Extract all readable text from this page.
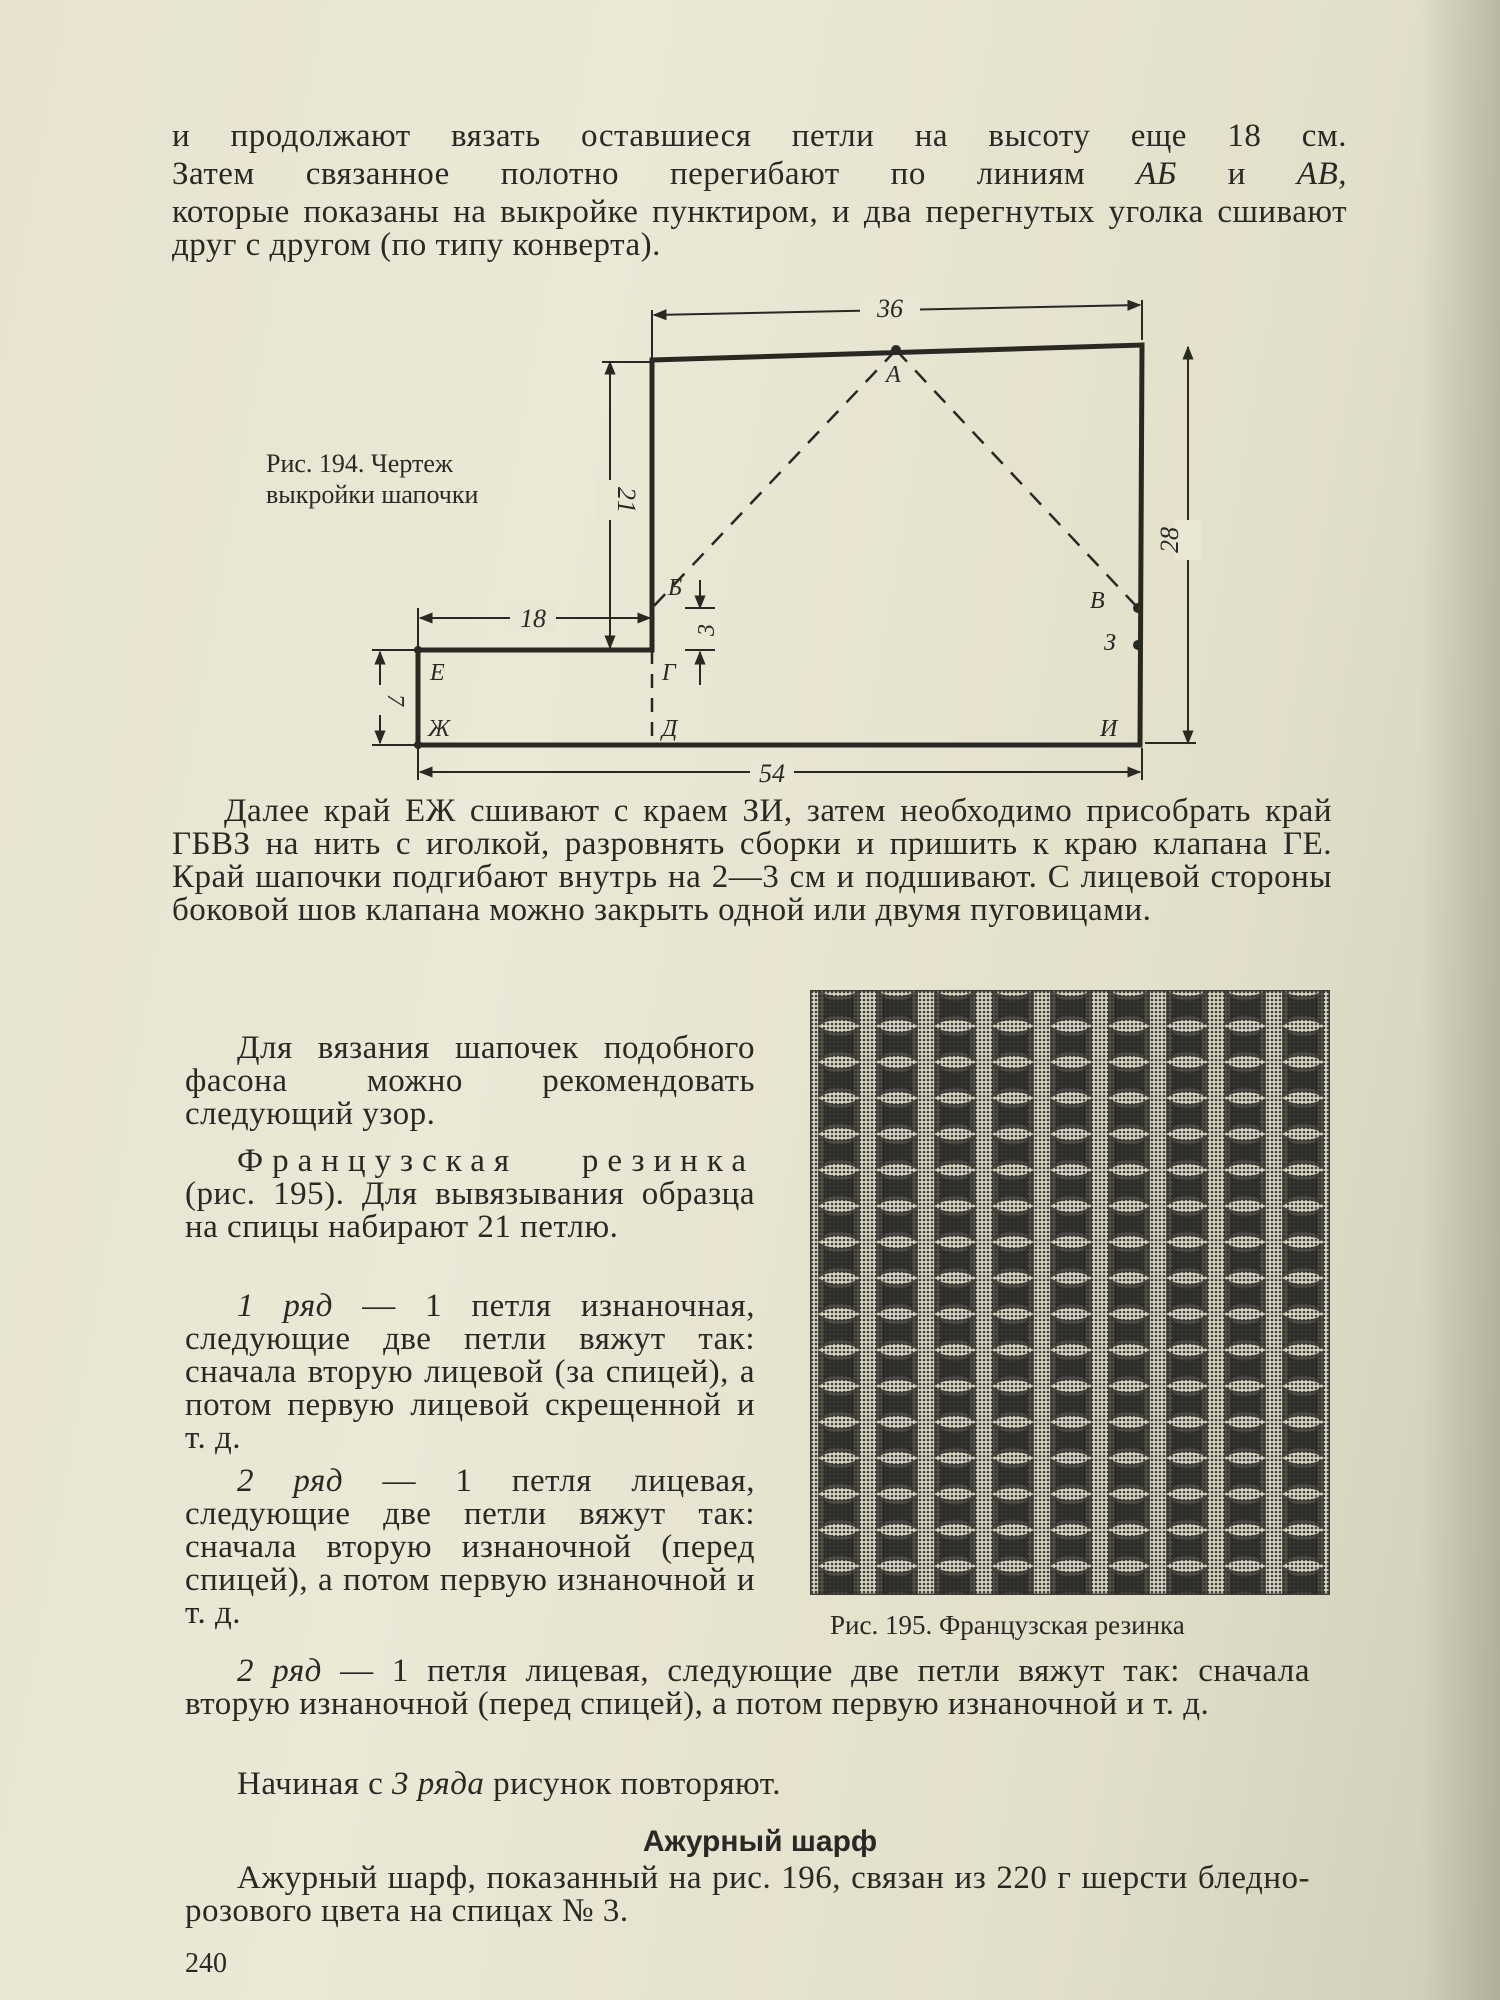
и продолжают вязать оставшиеся петли на высоту еще 18 см.

Затем связанное полотно перегибают по линиям АБ и АВ,

которые показаны на выкройке пунктиром, и два перегнутых уголка сшивают друг с другом (по типу конверта).

Рис. 194. Чертеж
выкройки шапочки
36
21
28
18	3
7
54
А
Б	В
З
Е	Г
Ж	Д	И

Далее край ЕЖ сшивают с краем ЗИ, затем необходимо присобрать край ГБВЗ на нить с иголкой, разровнять сборки и пришить к краю клапана ГЕ. Край шапочки подгибают внутрь на 2—3 см и подшивают. С лицевой стороны боковой шов клапана можно закрыть одной или двумя пуговицами.

Для вязания шапочек подобного фасона можно рекомендовать следующий узор.

Французская резинка (рис. 195). Для вывязывания образца на спицы набирают 21 петлю.

1 ряд — 1 петля изнаночная, следующие две петли вяжут так: сначала вторую лицевой (за спицей), а потом первую лицевой скрещенной и т. д.

2 ряд — 1 петля лицевая, следующие две петли вяжут так: сначала вторую изнаночной (перед спицей), а потом первую изнаночной и т. д.	Рис. 195. Французская резинка

2 ряд — 1 петля лицевая, следующие две петли вяжут так: сначала вторую изнаночной (перед спицей), а потом первую изнаночной и т. д.

Начиная с 3 ряда рисунок повторяют.

Ажурный шарф

Ажурный шарф, показанный на рис. 196, связан из 220 г шерсти бледно-розового цвета на спицах № 3.

240
